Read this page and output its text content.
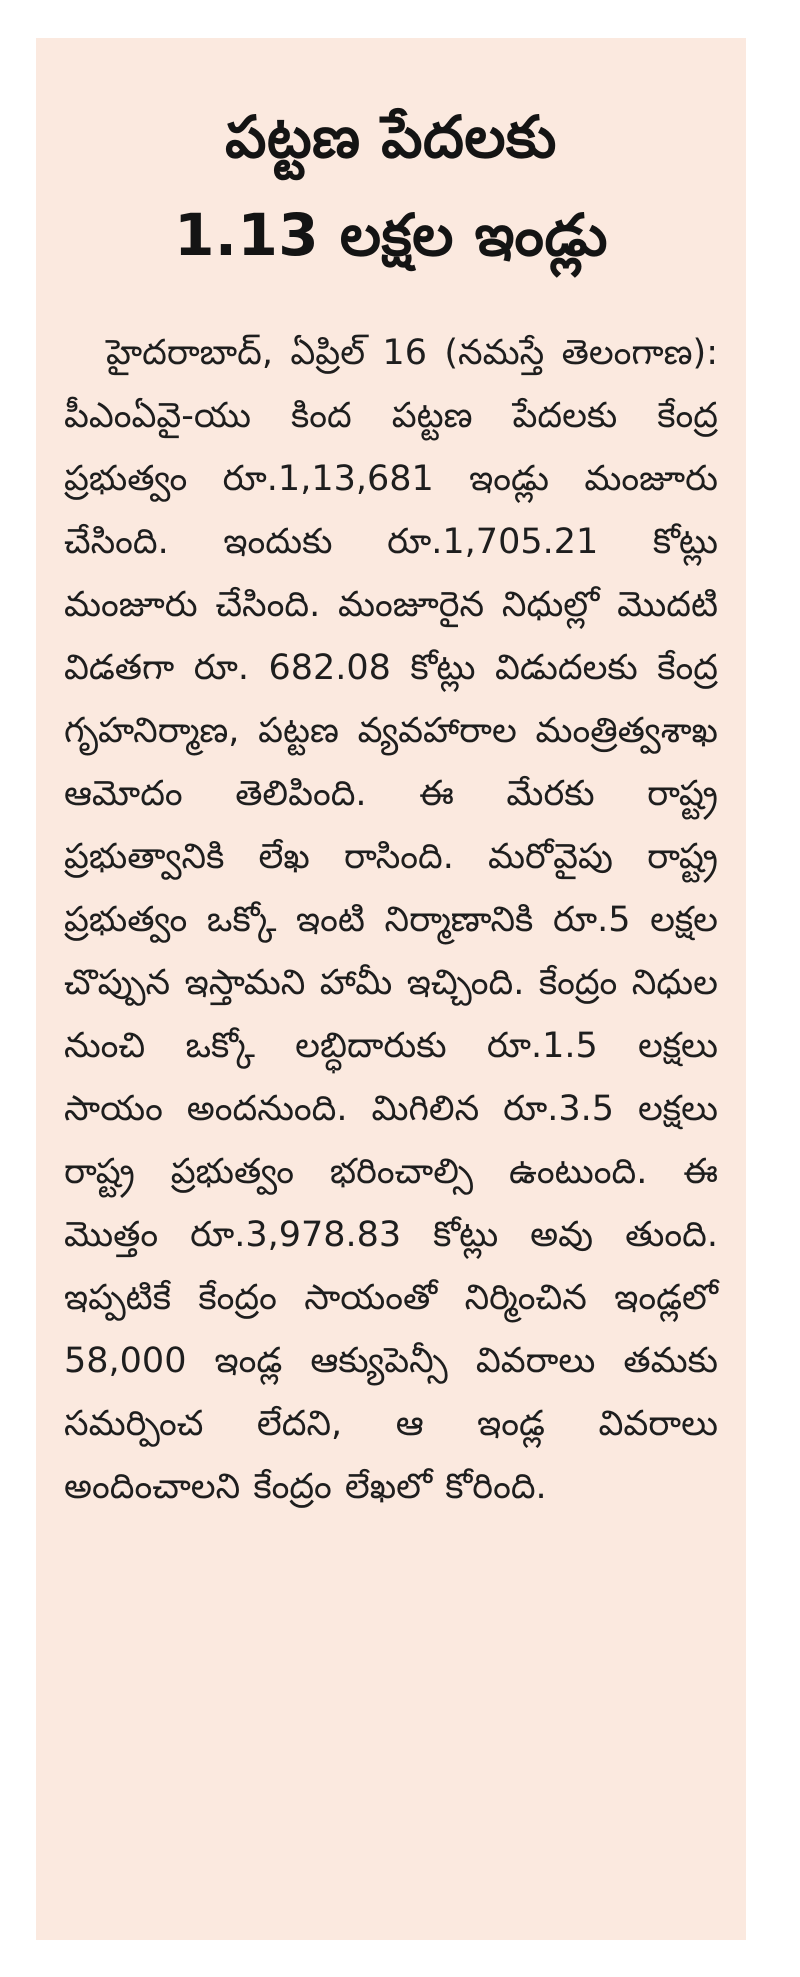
పట్టణ పేదలకు
1.13 లక్షల ఇండ్లు

హైదరాబాద్, ఏప్రిల్ 16 (నమస్తే తెలంగాణ): పీఎంఏవై-యు కింద పట్టణ పేదలకు కేంద్ర ప్రభుత్వం రూ.1,13,681 ఇండ్లు మంజూరు చేసింది. ఇందుకు రూ.1,705.21 కోట్లు మంజూరు చేసింది. మంజూరైన నిధుల్లో మొదటి విడతగా రూ. 682.08 కోట్లు విడుదలకు కేంద్ర గృహనిర్మాణ, పట్టణ వ్యవహారాల మంత్రిత్వశాఖ ఆమోదం తెలిపింది. ఈ మేరకు రాష్ట్ర ప్రభుత్వానికి లేఖ రాసింది. మరోవైపు రాష్ట్ర ప్రభుత్వం ఒక్కో ఇంటి నిర్మాణానికి రూ.5 లక్షల చొప్పున ఇస్తామని హామీ ఇచ్చింది. కేంద్రం నిధుల నుంచి ఒక్కో లబ్ధిదారుకు రూ.1.5 లక్షలు సాయం అందనుంది. మిగిలిన రూ.3.5 లక్షలు రాష్ట్ర ప్రభుత్వం భరించాల్సి ఉంటుంది. ఈ మొత్తం రూ.3,978.83 కోట్లు అవు తుంది. ఇప్పటికే కేంద్రం సాయంతో నిర్మించిన ఇండ్లలో 58,000 ఇండ్ల ఆక్యుపెన్సీ వివరాలు తమకు సమర్పించ లేదని, ఆ ఇండ్ల వివరాలు అందించాలని కేంద్రం లేఖలో కోరింది.
